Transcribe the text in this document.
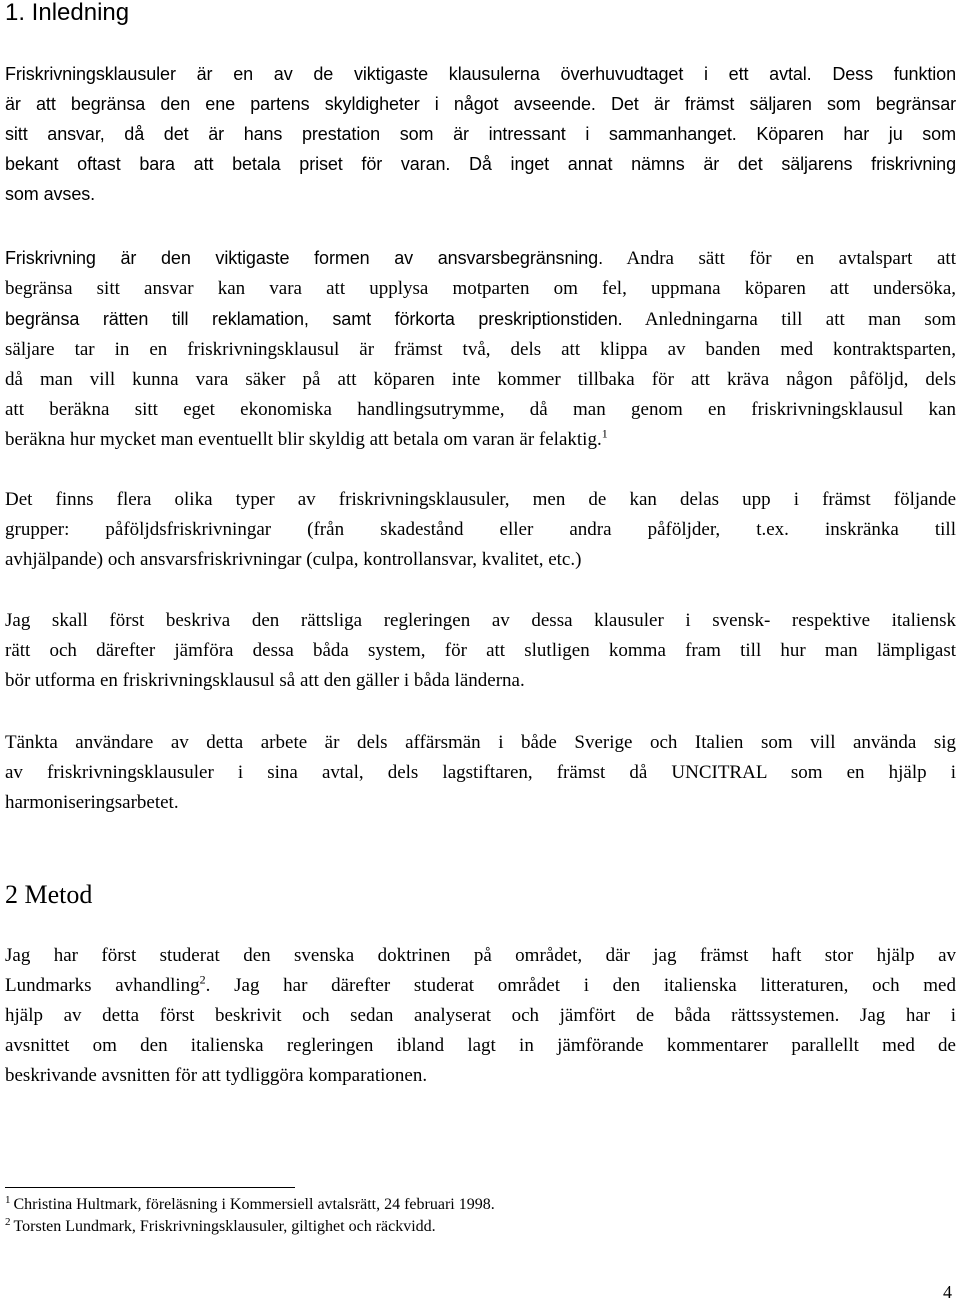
1. Inledning
Friskrivningsklausuler är en av de viktigaste klausulerna överhuvudtaget i ett avtal. Dess funktion
är att begränsa den ene partens skyldigheter i något avseende. Det är främst säljaren som begränsar
sitt ansvar, då det är hans prestation som är intressant i sammanhanget. Köparen har ju som
bekant oftast bara att betala priset för varan. Då inget annat nämns är det säljarens friskrivning
som avses.
Friskrivning är den viktigaste formen av ansvarsbegränsning. Andra sätt för en avtalspart att
begränsa sitt ansvar kan vara att upplysa motparten om fel, uppmana köparen att undersöka,
begränsa rätten till reklamation, samt förkorta preskriptionstiden. Anledningarna till att man som
säljare tar in en friskrivningsklausul är främst två, dels att klippa av banden med kontraktsparten,
då man vill kunna vara säker på att köparen inte kommer tillbaka för att kräva någon påföljd, dels
att beräkna sitt eget ekonomiska handlingsutrymme, då man genom en friskrivningsklausul kan
beräkna hur mycket man eventuellt blir skyldig att betala om varan är felaktig.$^1$
Det finns flera olika typer av friskrivningsklausuler, men de kan delas upp i främst följande
grupper: påföljdsfriskrivningar (från skadestånd eller andra påföljder, t.ex. inskränka till
avhjälpande) och ansvarsfriskrivningar (culpa, kontrollansvar, kvalitet, etc.)
Jag skall först beskriva den rättsliga regleringen av dessa klausuler i svensk- respektive italiensk
rätt och därefter jämföra dessa båda system, för att slutligen komma fram till hur man lämpligast
bör utforma en friskrivningsklausul så att den gäller i båda länderna.
Tänkta användare av detta arbete är dels affärsmän i både Sverige och Italien som vill använda sig
av friskrivningsklausuler i sina avtal, dels lagstiftaren, främst då UNCITRAL som en hjälp i
harmoniseringsarbetet.
2 Metod
Jag har först studerat den svenska doktrinen på området, där jag främst haft stor hjälp av
Lundmarks avhandling$^2$. Jag har därefter studerat området i den italienska litteraturen, och med
hjälp av detta först beskrivit och sedan analyserat och jämfört de båda rättssystemen. Jag har i
avsnittet om den italienska regleringen ibland lagt in jämförande kommentarer parallellt med de
beskrivande avsnitten för att tydliggöra komparationen.
$^1$ Christina Hultmark, föreläsning i Kommersiell avtalsrätt, 24 februari 1998.
$^2$ Torsten Lundmark, Friskrivningsklausuler, giltighet och räckvidd.
4
